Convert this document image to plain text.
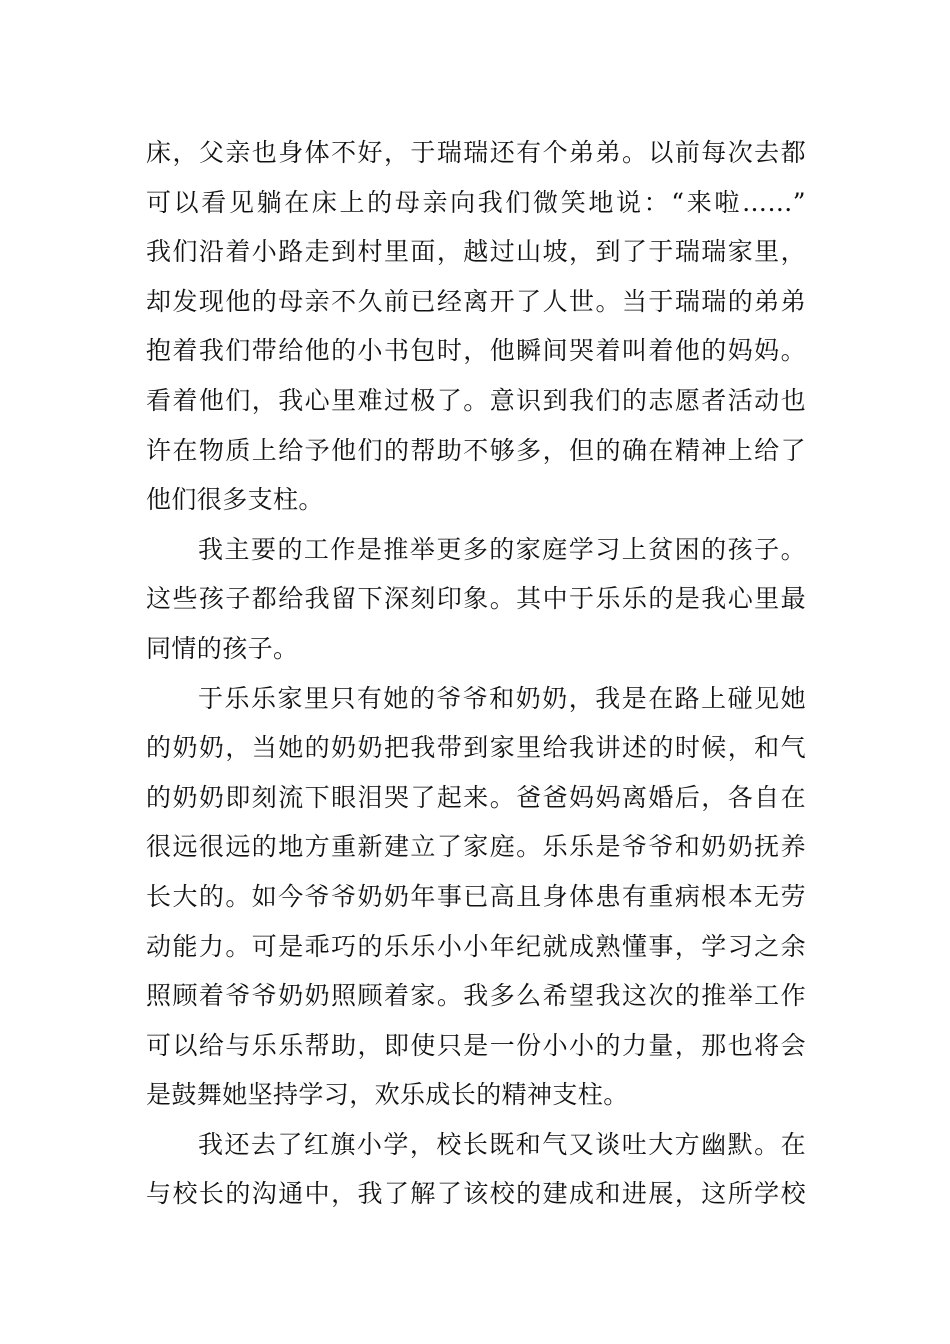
床，父亲也身体不好，于瑞瑞还有个弟弟。以前每次去都
可以看见躺在床上的母亲向我们微笑地说：“来啦……”
我们沿着小路走到村里面，越过山坡，到了于瑞瑞家里，
却发现他的母亲不久前已经离开了人世。当于瑞瑞的弟弟
抱着我们带给他的小书包时，他瞬间哭着叫着他的妈妈。
看着他们，我心里难过极了。意识到我们的志愿者活动也
许在物质上给予他们的帮助不够多，但的确在精神上给了
他们很多支柱。
我主要的工作是推举更多的家庭学习上贫困的孩子。
这些孩子都给我留下深刻印象。其中于乐乐的是我心里最
同情的孩子。
于乐乐家里只有她的爷爷和奶奶，我是在路上碰见她
的奶奶，当她的奶奶把我带到家里给我讲述的时候，和气
的奶奶即刻流下眼泪哭了起来。爸爸妈妈离婚后，各自在
很远很远的地方重新建立了家庭。乐乐是爷爷和奶奶抚养
长大的。如今爷爷奶奶年事已高且身体患有重病根本无劳
动能力。可是乖巧的乐乐小小年纪就成熟懂事，学习之余
照顾着爷爷奶奶照顾着家。我多么希望我这次的推举工作
可以给与乐乐帮助，即使只是一份小小的力量，那也将会
是鼓舞她坚持学习，欢乐成长的精神支柱。
我还去了红旗小学，校长既和气又谈吐大方幽默。在
与校长的沟通中，我了解了该校的建成和进展，这所学校
